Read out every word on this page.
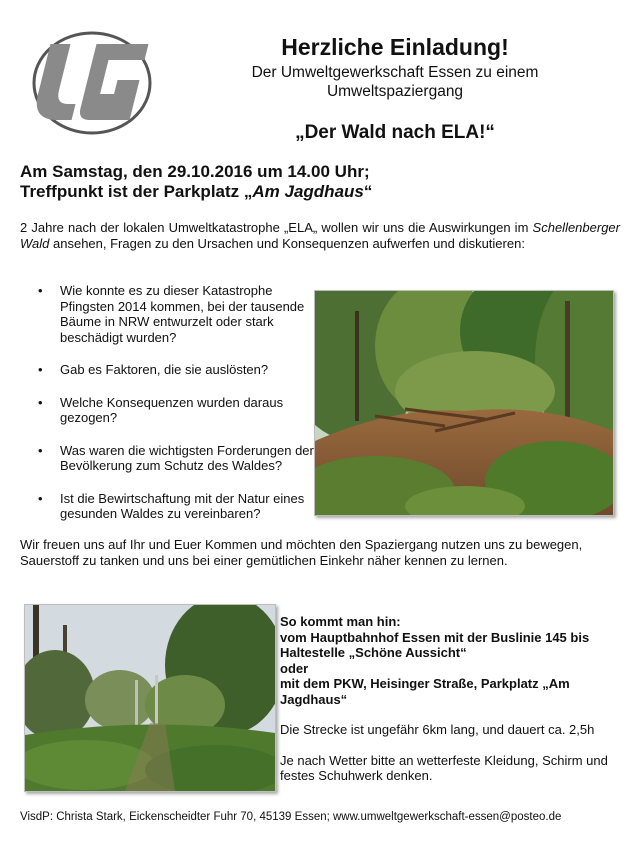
Herzliche Einladung!
Der Umweltgewerkschaft Essen zu einem
Umweltspaziergang
„Der Wald nach ELA!“
Am Samstag, den 29.10.2016 um 14.00 Uhr;
Treffpunkt ist der Parkplatz „Am Jagdhaus“

2 Jahre nach der lokalen Umweltkatastrophe „ELA„ wollen wir uns die Auswirkungen im Schellenberger Wald ansehen, Fragen zu den Ursachen und Konsequenzen aufwerfen und diskutieren:

• Wie konnte es zu dieser Katastrophe Pfingsten 2014 kommen, bei der tausende Bäume in NRW entwurzelt oder stark beschädigt wurden?
• Gab es Faktoren, die sie auslösten?
• Welche Konsequenzen wurden daraus gezogen?
• Was waren die wichtigsten Forderungen der Bevölkerung zum Schutz des Waldes?
• Ist die Bewirtschaftung mit der Natur eines gesunden Waldes zu vereinbaren?
Wir freuen uns auf Ihr und Euer Kommen und möchten den Spaziergang nutzen uns zu bewegen, Sauerstoff zu tanken und uns bei einer gemütlichen Einkehr näher kennen zu lernen.

So kommt man hin:

vom Hauptbahnhof Essen mit der Buslinie 145 bis Haltestelle „Schöne Aussicht“

oder

mit dem PKW, Heisinger Straße, Parkplatz „Am Jagdhaus“

Die Strecke ist ungefähr 6km lang, und dauert ca. 2,5h

Je nach Wetter bitte an wetterfeste Kleidung, Schirm und festes Schuhwerk denken.

VisdP: Christa Stark, Eickenscheidter Fuhr 70, 45139 Essen; www.umweltgewerkschaft-essen@posteo.de
